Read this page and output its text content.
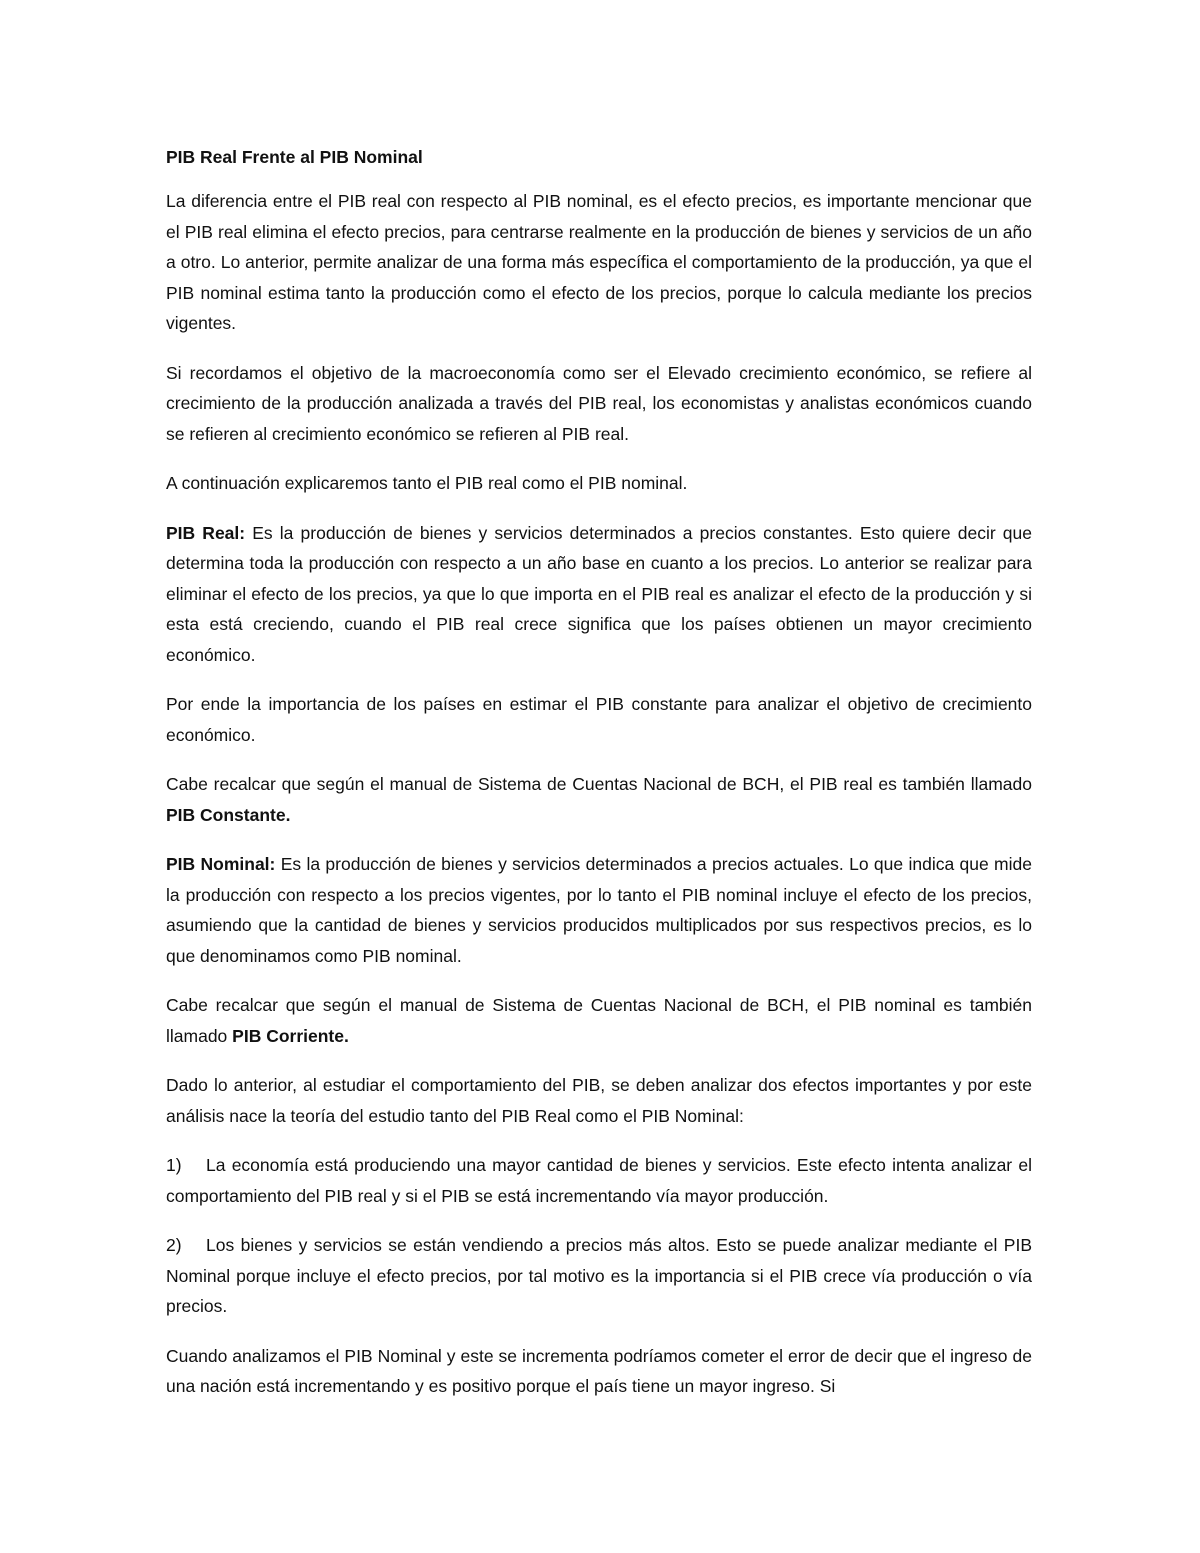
PIB Real Frente al PIB Nominal

La diferencia entre el PIB real con respecto al PIB nominal, es el efecto precios, es importante mencionar que el PIB real elimina el efecto precios, para centrarse realmente en la producción de bienes y servicios de un año a otro. Lo anterior, permite analizar de una forma más específica el comportamiento de la producción, ya que el PIB nominal estima tanto la producción como el efecto de los precios, porque lo calcula mediante los precios vigentes.

Si recordamos el objetivo de la macroeconomía como ser el Elevado crecimiento económico, se refiere al crecimiento de la producción analizada a través del PIB real, los economistas y analistas económicos cuando se refieren al crecimiento económico se refieren al PIB real.

A continuación explicaremos tanto el PIB real como el PIB nominal.

PIB Real: Es la producción de bienes y servicios determinados a precios constantes. Esto quiere decir que determina toda la producción con respecto a un año base en cuanto a los precios. Lo anterior se realizar para eliminar el efecto de los precios, ya que lo que importa en el PIB real es analizar el efecto de la producción y si esta está creciendo, cuando el PIB real crece significa que los países obtienen un mayor crecimiento económico.

Por ende la importancia de los países en estimar el PIB constante para analizar el objetivo de crecimiento económico.

Cabe recalcar que según el manual de Sistema de Cuentas Nacional de BCH, el PIB real es también llamado PIB Constante.

PIB Nominal: Es la producción de bienes y servicios determinados a precios actuales. Lo que indica que mide la producción con respecto a los precios vigentes, por lo tanto el PIB nominal incluye el efecto de los precios, asumiendo que la cantidad de bienes y servicios producidos multiplicados por sus respectivos precios, es lo que denominamos como PIB nominal.

Cabe recalcar que según el manual de Sistema de Cuentas Nacional de BCH, el PIB nominal es también llamado PIB Corriente.

Dado lo anterior, al estudiar el comportamiento del PIB, se deben analizar dos efectos importantes y por este análisis nace la teoría del estudio tanto del PIB Real como el PIB Nominal:

1) La economía está produciendo una mayor cantidad de bienes y servicios. Este efecto intenta analizar el comportamiento del PIB real y si el PIB se está incrementando vía mayor producción.

2) Los bienes y servicios se están vendiendo a precios más altos. Esto se puede analizar mediante el PIB Nominal porque incluye el efecto precios, por tal motivo es la importancia si el PIB crece vía producción o vía precios.

Cuando analizamos el PIB Nominal y este se incrementa podríamos cometer el error de decir que el ingreso de una nación está incrementando y es positivo porque el país tiene un mayor ingreso. Si
